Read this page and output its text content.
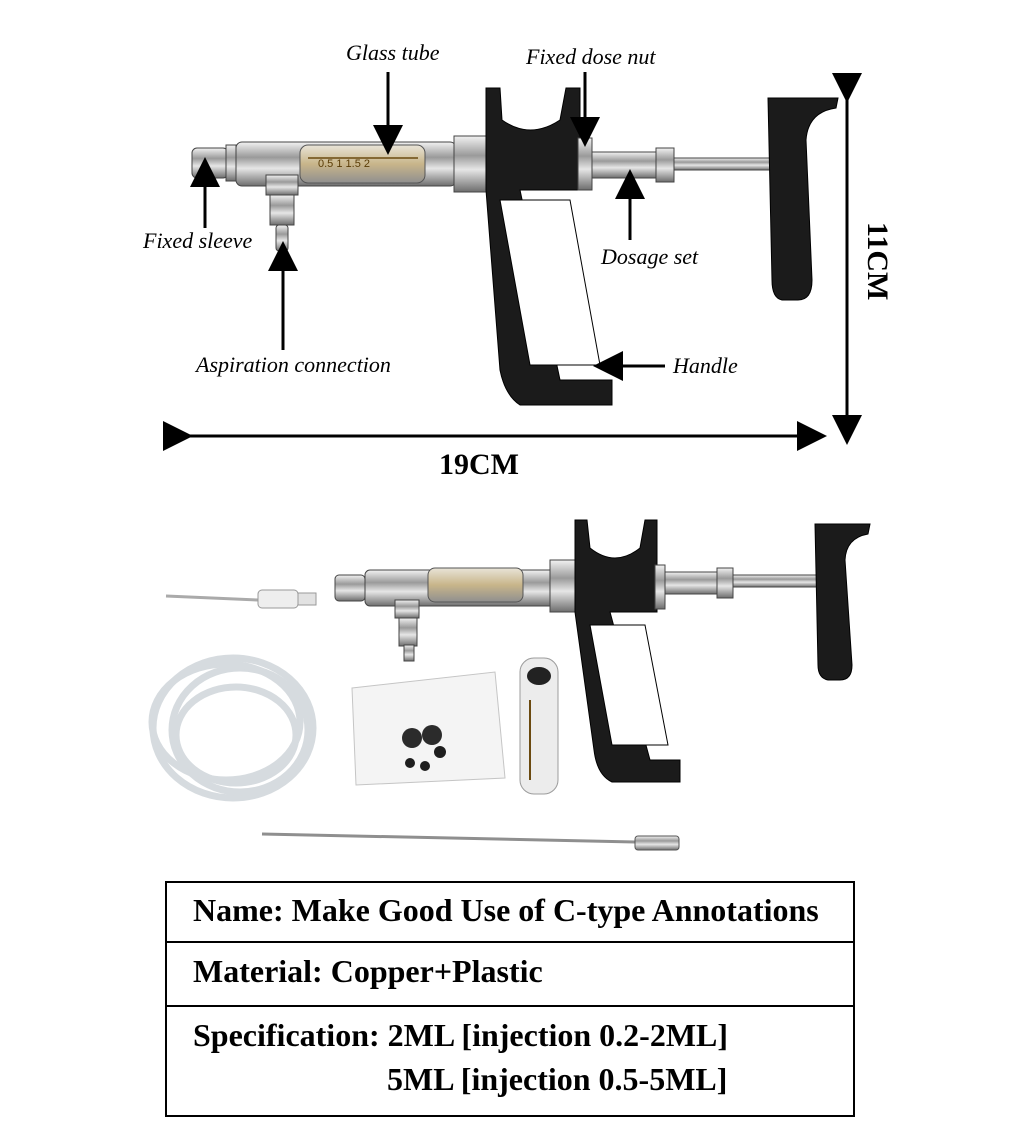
0.5 1 1.5 2
Glass tube	Fixed dose nut
Fixed sleeve
Dosage set
Aspiration connection	Handle
11CM
19CM
Name: Make Good Use of C-type Annotations
Material: Copper+Plastic
Specification: 2ML [injection 0.2-2ML]
5ML [injection 0.5-5ML]
